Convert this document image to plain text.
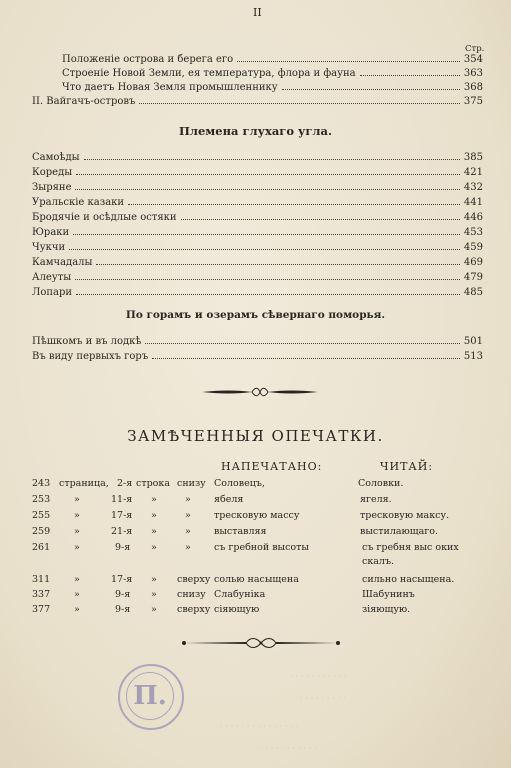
II
Стр.
Положеніе острова и берега его	354
Строеніе Новой Земли, ея температура, флора и фауна	363
Что даетъ Новая Земля промышленнику	368
II. Вайгачъ-островъ	375
Племена глухаго угла.
Самоѣды	385
Кореды	421
Зыряне	432
Уральскіе казаки	441
Бродячіе и осѣдлые остяки	446
Юраки	453
Чукчи	459
Камчадалы	469
Алеуты	479
Лопари	485
По горамъ и озерамъ сѣвернаго поморья.
Пѣшкомъ и въ лодкѣ	501
Въ виду первыхъ горъ	513
ЗАМѢЧЕННЫЯ ОПЕЧАТКИ.
НАПЕЧАТАНО:	ЧИТАЙ:
243 страница, 2-я строка снизу Соловецъ,	Соловки.
253	»	11-я »	» ябеля	ягеля.
255	»	17-я »	» тресковую массу	тресковую максу.
259	»	21-я »	» выставляя	выстилающаго.
261	»	9-я »	» съ гребной высоты	съ гребня выс оких
скалъ.
311	»	17-я » сверху солью насыщена	сильно насыщена.
337	»	9-я » снизу Слабуніка	Шабунинъ
377	»	9-я » сверху сіяющую	зіяющую.
· · · · · · · · · · ·
· · · · · · · · ·
· · · · · · · · · · · · · · ·
· · · · · · · · · · ·
П.
